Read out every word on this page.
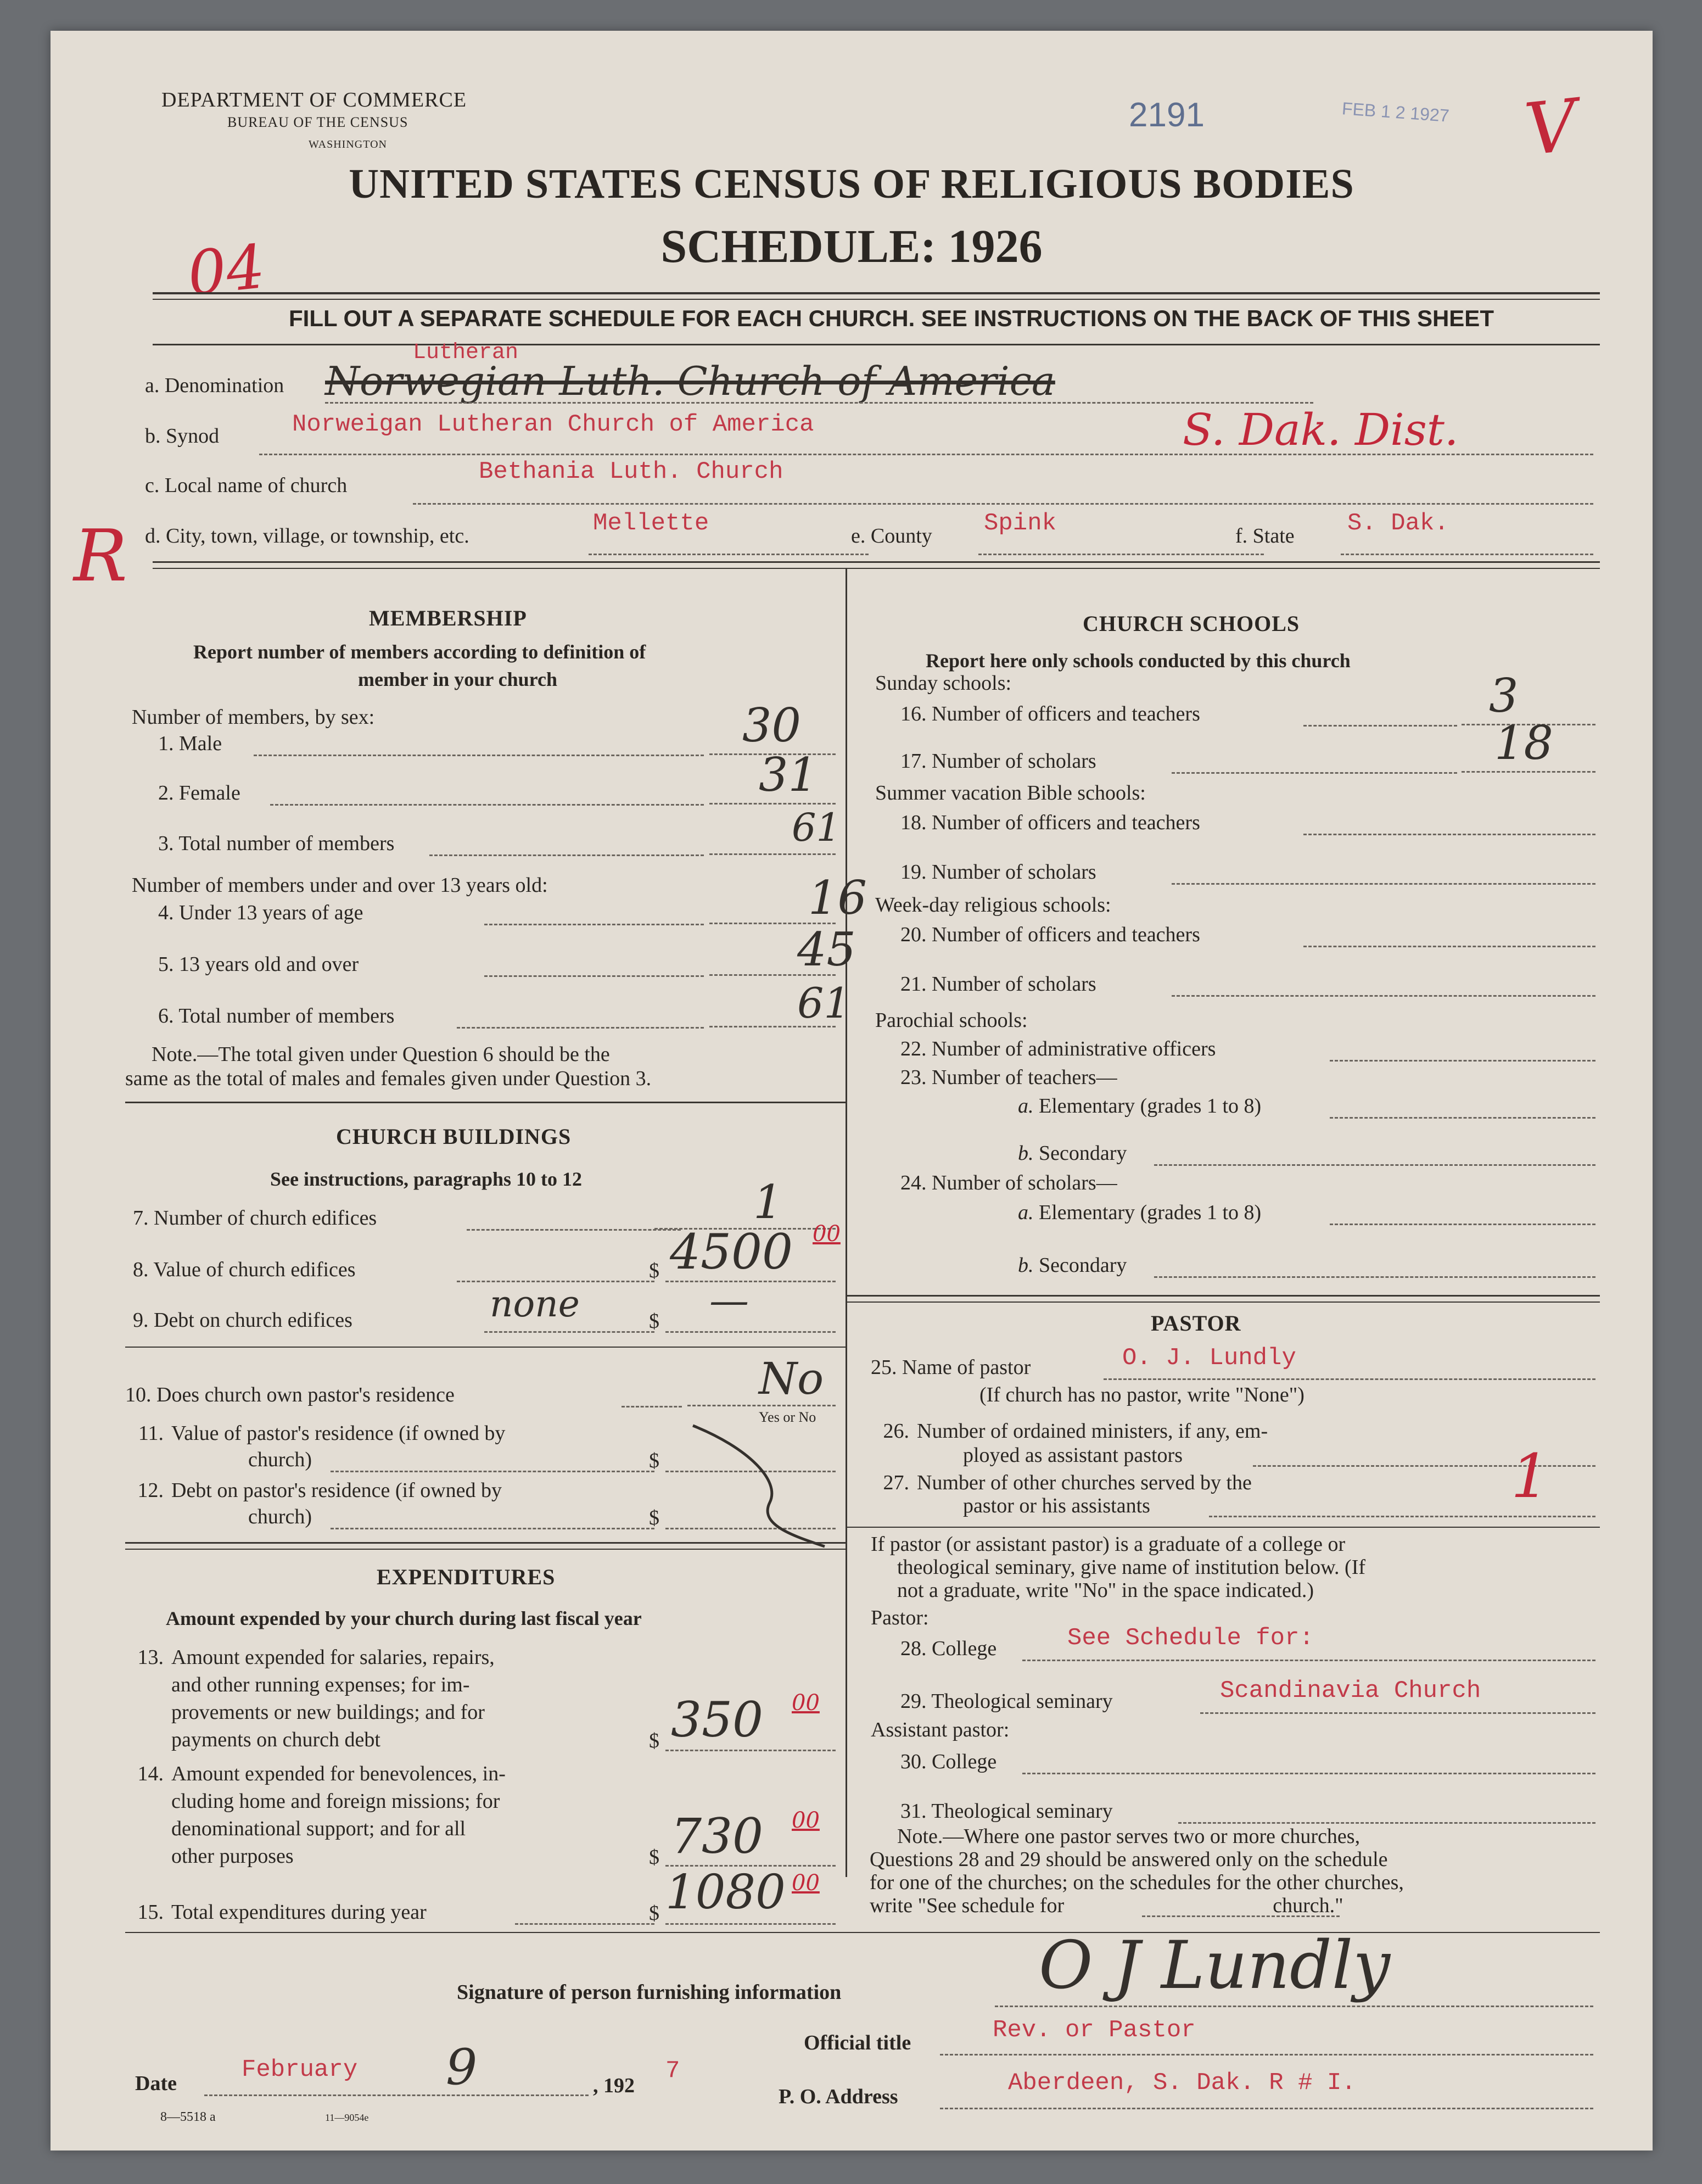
DEPARTMENT OF COMMERCE
BUREAU OF THE CENSUS
WASHINGTON
2191	FEB 1 2 1927 V
UNITED STATES CENSUS OF RELIGIOUS BODIES
SCHEDULE: 1926
04
FILL OUT A SEPARATE SCHEDULE FOR EACH CHURCH. SEE INSTRUCTIONS ON THE BACK OF THIS SHEET
Lutheran
a. Denomination Norwegian Luth. Church of America
b. Synod	Norweigan Lutheran Church of America	S. Dak. Dist.
c. Local name of church	Bethania Luth. Church
R d. City, town, village, or township, etc.	Mellette	e. County Spink	f. State S. Dak.
MEMBERSHIP
Report number of members according to definition of
member in your church
Number of members, by sex:
1. Male	30
2. Female	31
3. Total number of members	61
Number of members under and over 13 years old:
4. Under 13 years of age	16
5. 13 years old and over	45
6. Total number of members	61
Note.—The total given under Question 6 should be the
same as the total of males and females given under Question 3.
CHURCH BUILDINGS
See instructions, paragraphs 10 to 12
7. Number of church edifices	1
8. Value of church edifices	$ 4500 00
9. Debt on church edifices	none	$ —
10. Does church own pastor's residence	No
Yes or No
11. Value of pastor's residence (if owned by
church)	$
12. Debt on pastor's residence (if owned by
church)	$
EXPENDITURES
Amount expended by your church during last fiscal year
13. Amount expended for salaries, repairs,
and other running expenses; for im-
provements or new buildings; and for
payments on church debt	$ 350 00
14. Amount expended for benevolences, in-
cluding home and foreign missions; for
denominational support; and for all
other purposes	$ 730 00
15. Total expenditures during year	$ 1080 00
CHURCH SCHOOLS
Report here only schools conducted by this church
Sunday schools:
16. Number of officers and teachers	3
17. Number of scholars	18
Summer vacation Bible schools:
18. Number of officers and teachers
19. Number of scholars
Week-day religious schools:
20. Number of officers and teachers
21. Number of scholars
Parochial schools:
22. Number of administrative officers
23. Number of teachers—
a. Elementary (grades 1 to 8)
b. Secondary
24. Number of scholars—
a. Elementary (grades 1 to 8)
b. Secondary
PASTOR
25. Name of pastor	O. J. Lundly
(If church has no pastor, write "None")
26. Number of ordained ministers, if any, em-
ployed as assistant pastors
27. Number of other churches served by the
pastor or his assistants	1
If pastor (or assistant pastor) is a graduate of a college or
theological seminary, give name of institution below. (If
not a graduate, write "No" in the space indicated.)
Pastor:
28. College	See Schedule for:
29. Theological seminary	Scandinavia Church
Assistant pastor:
30. College
31. Theological seminary
Note.—Where one pastor serves two or more churches,
Questions 28 and 29 should be answered only on the schedule
for one of the churches; on the schedules for the other churches,
write "See schedule for	church."
Signature of person furnishing information	O J Lundly
Official title	Rev. or Pastor
Date	February 9	, 192
7
P. O. Address	Aberdeen, S. Dak. R # I.
8—5518 a	11—9054e
